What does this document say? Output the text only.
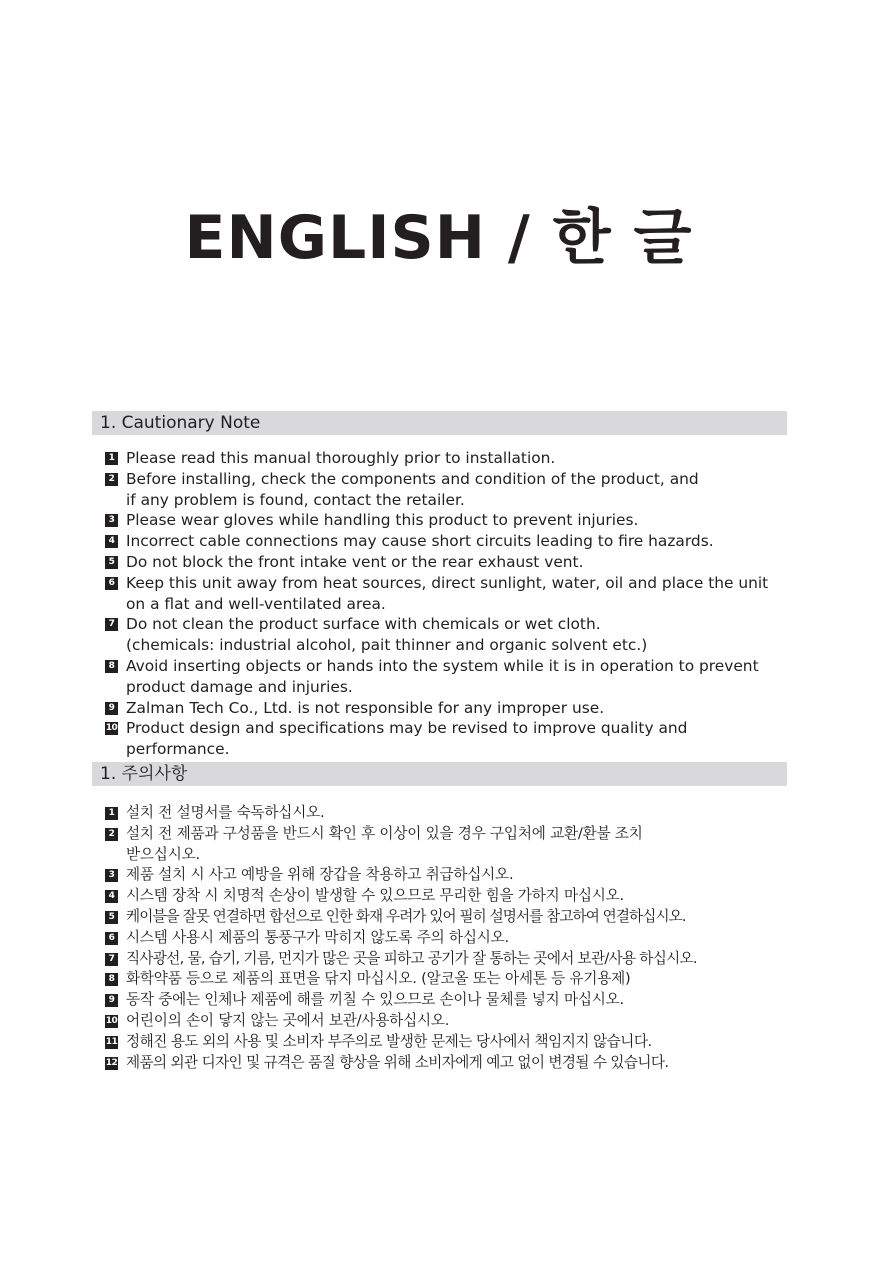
ENGLISH / 한 글
1. Cautionary Note
1 Please read this manual thoroughly prior to installation.
2 Before installing, check the components and condition of the product, and
if any problem is found, contact the retailer.
3 Please wear gloves while handling this product to prevent injuries.
4 Incorrect cable connections may cause short circuits leading to fire hazards.
5 Do not block the front intake vent or the rear exhaust vent.
6 Keep this unit away from heat sources, direct sunlight, water, oil and place the unit
on a flat and well-ventilated area.
7 Do not clean the product surface with chemicals or wet cloth.
(chemicals: industrial alcohol, pait thinner and organic solvent etc.)
8 Avoid inserting objects or hands into the system while it is in operation to prevent
product damage and injuries.
9 Zalman Tech Co., Ltd. is not responsible for any improper use.
10 Product design and specifications may be revised to improve quality and performance.
1. 주의사항
1 설치 전 설명서를 숙독하십시오.
2 설치 전 제품과 구성품을 반드시 확인 후 이상이 있을 경우 구입처에 교환/환불 조치
받으십시오.
3 제품 설치 시 사고 예방을 위해 장갑을 착용하고 취급하십시오.
4 시스템 장착 시 치명적 손상이 발생할 수 있으므로 무리한 힘을 가하지 마십시오.
5 케이블을 잘못 연결하면 합선으로 인한 화재 우려가 있어 필히 설명서를 참고하여 연결하십시오.
6 시스템 사용시 제품의 통풍구가 막히지 않도록 주의 하십시오.
7 직사광선, 물, 습기, 기름, 먼지가 많은 곳을 피하고 공기가 잘 통하는 곳에서 보관/사용 하십시오.
8 화학약품 등으로 제품의 표면을 닦지 마십시오. (알코올 또는 아세톤 등 유기용제)
9 동작 중에는 인체나 제품에 해를 끼칠 수 있으므로 손이나 물체를 넣지 마십시오.
10 어린이의 손이 닿지 않는 곳에서 보관/사용하십시오.
11 정해진 용도 외의 사용 및 소비자 부주의로 발생한 문제는 당사에서 책임지지 않습니다.
12 제품의 외관 디자인 및 규격은 품질 향상을 위해 소비자에게 예고 없이 변경될 수 있습니다.
